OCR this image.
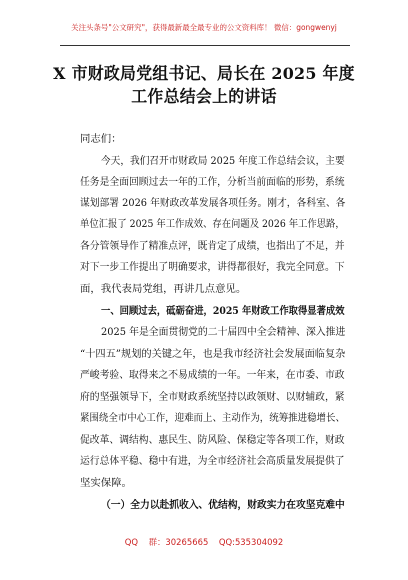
关注头条号"公文研究"，获得最新最全最专业的公文资料库！ 微信：gongwenyj
X 市财政局党组书记、局长在 2025 年度
工作总结会上的讲话
同志们：
今天，我们召开市财政局 2025 年度工作总结会议，主要
任务是全面回顾过去一年的工作，分析当前面临的形势，系统
谋划部署 2026 年财政改革发展各项任务。刚才，各科室、各
单位汇报了 2025 年工作成效、存在问题及 2026 年工作思路，
各分管领导作了精准点评，既肯定了成绩，也指出了不足，并
对下一步工作提出了明确要求，讲得都很好，我完全同意。下
面，我代表局党组，再讲几点意见。
一、回顾过去，砥砺奋进，2025 年财政工作取得显著成效
2025 年是全面贯彻党的二十届四中全会精神、深入推进
“十四五”规划的关键之年，也是我市经济社会发展面临复杂
严峻考验、取得来之不易成绩的一年。一年来，在市委、市政
府的坚强领导下，全市财政系统坚持以政领财、以财辅政，紧
紧围绕全市中心工作，迎难而上、主动作为，统筹推进稳增长、
促改革、调结构、惠民生、防风险、保稳定等各项工作，财政
运行总体平稳、稳中有进，为全市经济社会高质量发展提供了
坚实保障。
（一）全力以赴抓收入、优结构，财政实力在攻坚克难中
QQ 群：30265665 QQ:535304092
